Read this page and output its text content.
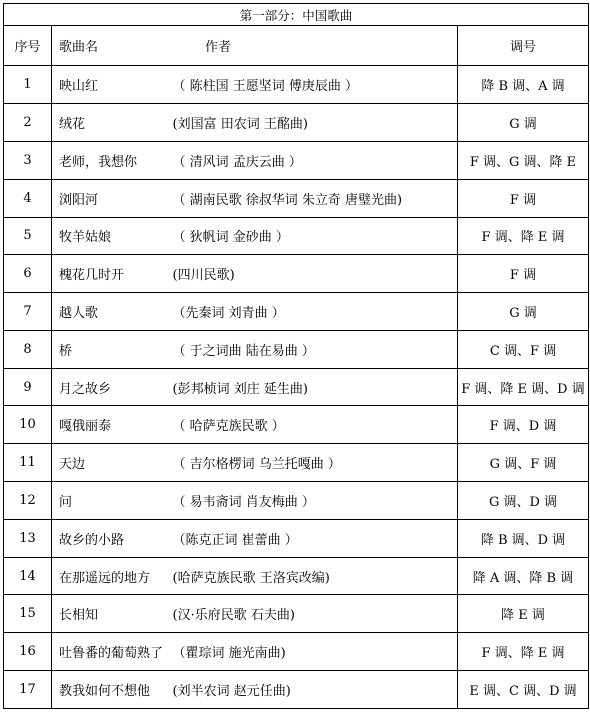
第一部分：中国歌曲			
序号	歌曲名 作者		调号
1	映山红	（ 陈柱国 王愿坚词 傅庚辰曲 ）	降 B 调、A 调
2	绒花	(刘国富 田农词 王酩曲)	G 调
3	老师，我想你	（ 清风词 孟庆云曲 ）	F 调、G 调、降 E
4	浏阳河	（ 湖南民歌 徐叔华词 朱立奇 唐璧光曲)	F 调
5	牧羊姑娘	（ 狄帆词 金砂曲 ）	F 调、降 E 调
6	槐花几时开	(四川民歌)	F 调
7	越人歌	（先秦词 刘青曲 ）	G 调
8	桥	（ 于之词曲 陆在易曲 ）	C 调、F 调
9	月之故乡	(彭邦桢词 刘庄 延生曲)	F 调、降 E 调、D 调
10	嘎俄丽泰	（ 哈萨克族民歌 ）	F 调、D 调
11	天边	（ 吉尔格楞词 乌兰托嘎曲 ）	G 调、F 调
12	问	（ 易韦斋词 肖友梅曲 ）	G 调、D 调
13	故乡的小路	（陈克正词 崔蕾曲 ）	降 B 调、D 调
14	在那遥远的地方	(哈萨克族民歌 王洛宾改编)	降 A 调、降 B 调
15	长相知	(汉·乐府民歌 石夫曲)	降 E 调
16	吐鲁番的葡萄熟了	（瞿琮词 施光南曲)	F 调、降 E 调
17	教我如何不想他	(刘半农词 赵元任曲)	E 调、C 调、D 调
